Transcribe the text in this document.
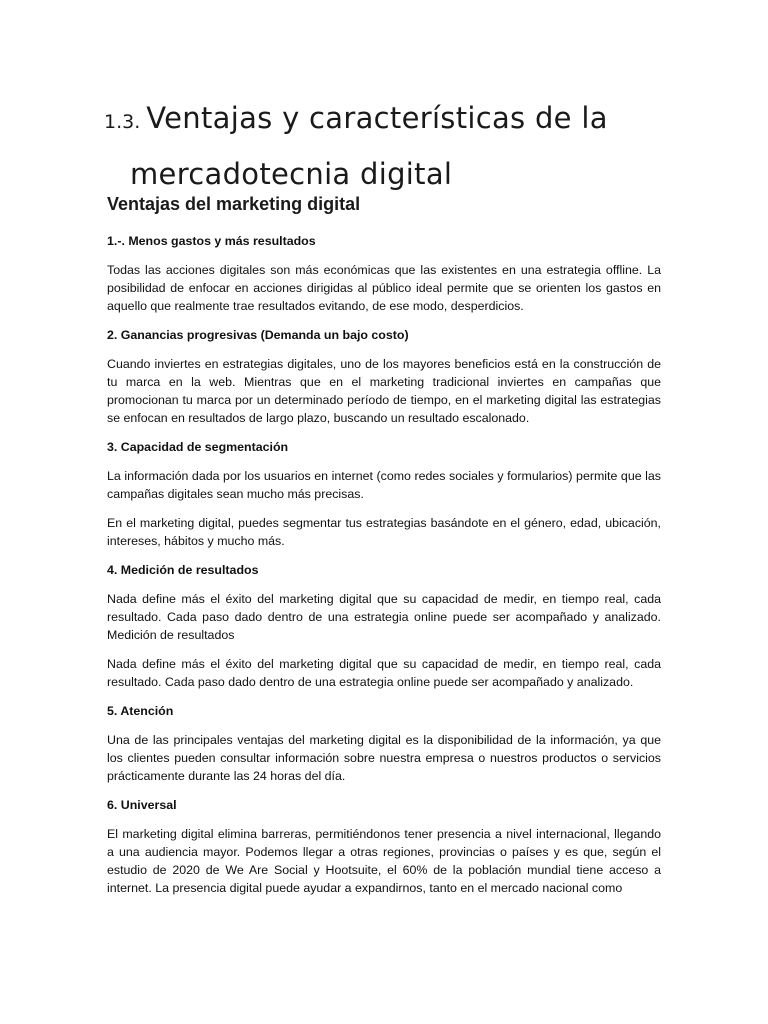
1.3. Ventajas y características de la
mercadotecnia digital
Ventajas del marketing digital
1.-. Menos gastos y más resultados

Todas las acciones digitales son más económicas que las existentes en una estrategia offline. La posibilidad de enfocar en acciones dirigidas al público ideal permite que se orienten los gastos en aquello que realmente trae resultados evitando, de ese modo, desperdicios.

2. Ganancias progresivas (Demanda un bajo costo)

Cuando inviertes en estrategias digitales, uno de los mayores beneficios está en la construcción de tu marca en la web. Mientras que en el marketing tradicional inviertes en campañas que promocionan tu marca por un determinado período de tiempo, en el marketing digital las estrategias se enfocan en resultados de largo plazo, buscando un resultado escalonado.

3. Capacidad de segmentación

La información dada por los usuarios en internet (como redes sociales y formularios) permite que las campañas digitales sean mucho más precisas.

En el marketing digital, puedes segmentar tus estrategias basándote en el género, edad, ubicación, intereses, hábitos y mucho más.

4. Medición de resultados

Nada define más el éxito del marketing digital que su capacidad de medir, en tiempo real, cada resultado. Cada paso dado dentro de una estrategia online puede ser acompañado y analizado. Medición de resultados

Nada define más el éxito del marketing digital que su capacidad de medir, en tiempo real, cada resultado. Cada paso dado dentro de una estrategia online puede ser acompañado y analizado.

5. Atención

Una de las principales ventajas del marketing digital es la disponibilidad de la información, ya que los clientes pueden consultar información sobre nuestra empresa o nuestros productos o servicios prácticamente durante las 24 horas del día.

6. Universal

El marketing digital elimina barreras, permitiéndonos tener presencia a nivel internacional, llegando a una audiencia mayor. Podemos llegar a otras regiones, provincias o países y es que, según el estudio de 2020 de We Are Social y Hootsuite, el 60% de la población mundial tiene acceso a internet. La presencia digital puede ayudar a expandirnos, tanto en el mercado nacional como
